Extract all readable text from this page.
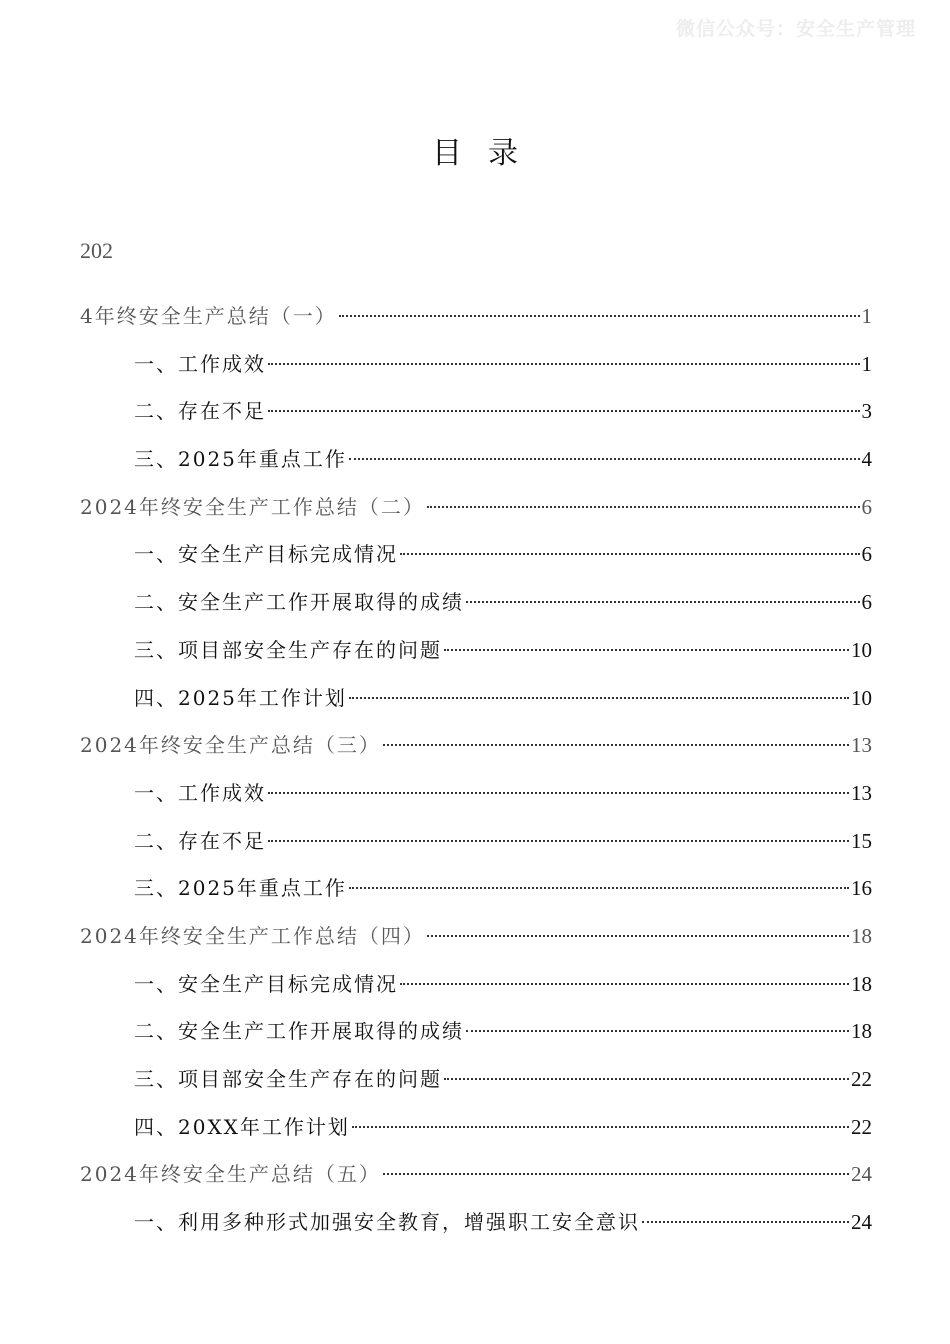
微信公众号：安全生产管理
目录
202
4年终安全生产总结（一）	1
一、工作成效	1
二、存在不足	3
三、2025年重点工作	4
2024年终安全生产工作总结（二）	6
一、安全生产目标完成情况	6
二、安全生产工作开展取得的成绩	6
三、项目部安全生产存在的问题	10
四、2025年工作计划	10
2024年终安全生产总结（三）	13
一、工作成效	13
二、存在不足	15
三、2025年重点工作	16
2024年终安全生产工作总结（四）	18
一、安全生产目标完成情况	18
二、安全生产工作开展取得的成绩	18
三、项目部安全生产存在的问题	22
四、20XX年工作计划	22
2024年终安全生产总结（五）	24
一、利用多种形式加强安全教育，增强职工安全意识	24
